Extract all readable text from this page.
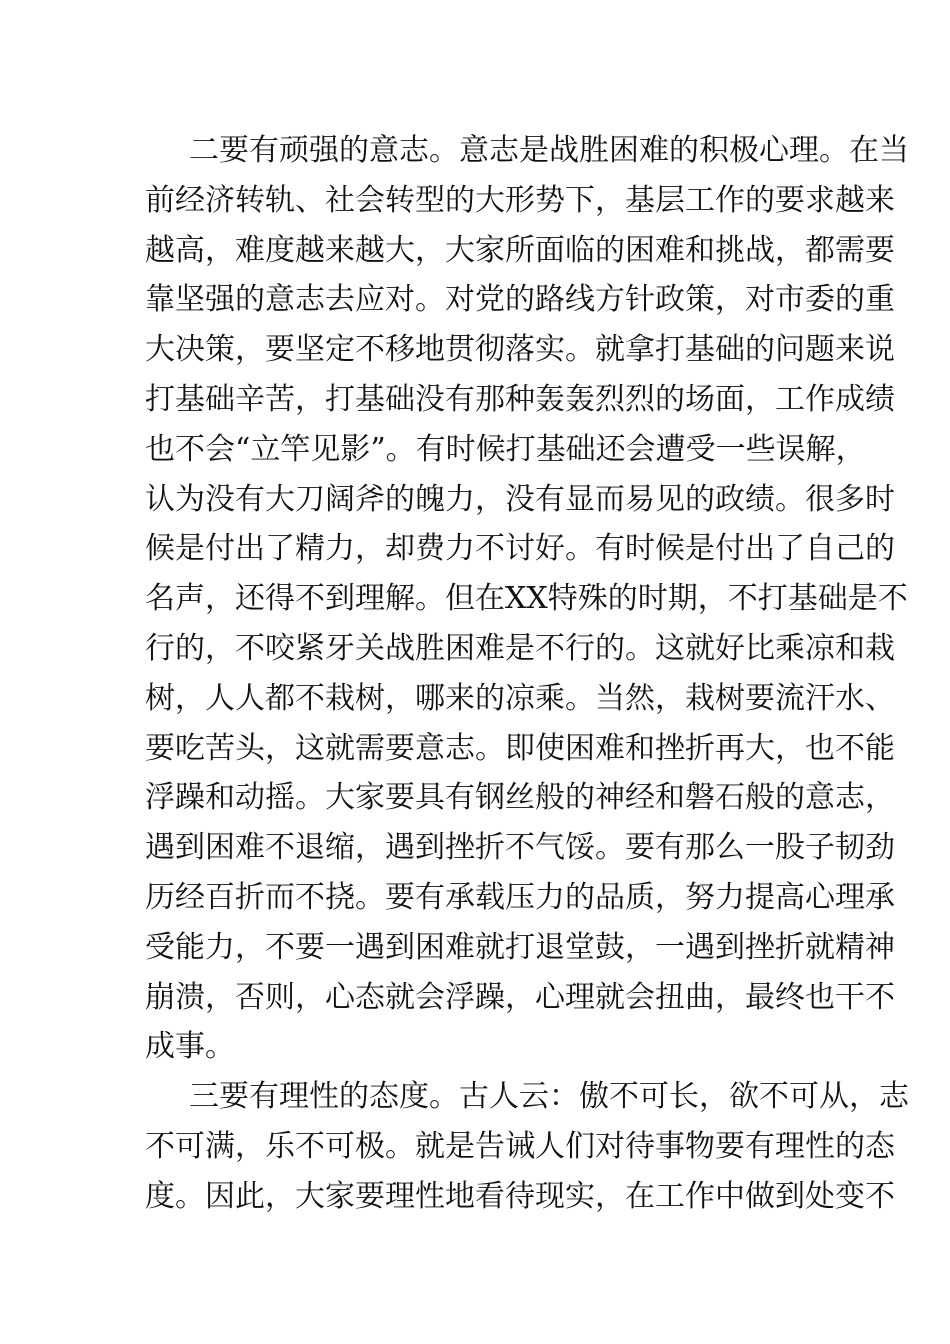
二要有顽强的意志。意志是战胜困难的积极心理。在当
前经济转轨、社会转型的大形势下，基层工作的要求越来
越高，难度越来越大，大家所面临的困难和挑战，都需要
靠坚强的意志去应对。对党的路线方针政策，对市委的重
大决策，要坚定不移地贯彻落实。就拿打基础的问题来说
打基础辛苦，打基础没有那种轰轰烈烈的场面，工作成绩
也不会“立竿见影”。有时候打基础还会遭受一些误解，
认为没有大刀阔斧的魄力，没有显而易见的政绩。很多时
候是付出了精力，却费力不讨好。有时候是付出了自己的
名声，还得不到理解。但在XX特殊的时期，不打基础是不
行的，不咬紧牙关战胜困难是不行的。这就好比乘凉和栽
树，人人都不栽树，哪来的凉乘。当然，栽树要流汗水、
要吃苦头，这就需要意志。即使困难和挫折再大，也不能
浮躁和动摇。大家要具有钢丝般的神经和磐石般的意志，
遇到困难不退缩，遇到挫折不气馁。要有那么一股子韧劲
历经百折而不挠。要有承载压力的品质，努力提高心理承
受能力，不要一遇到困难就打退堂鼓，一遇到挫折就精神
崩溃，否则，心态就会浮躁，心理就会扭曲，最终也干不
成事。
三要有理性的态度。古人云：傲不可长，欲不可从，志
不可满，乐不可极。就是告诫人们对待事物要有理性的态
度。因此，大家要理性地看待现实，在工作中做到处变不
